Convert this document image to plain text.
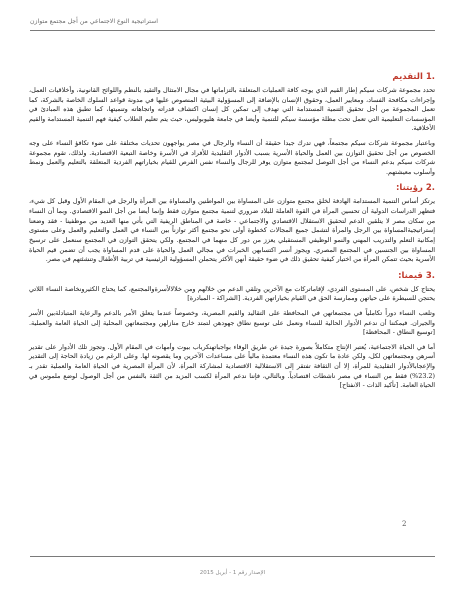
استراتيجية النوع الاجتماعي من أجل مجتمع متوازن
.1 التقديم

تحدد مجموعة شركات سيكم إطار القيم الذي يوجه كافة العمليات المتعلقة بالتزاماتها في مجال الامتثال والتقيد بالنظم واللوائح القانونية، وأخلاقيات العمل، وإجراءات مكافحة الفساد، ومعايير العمل، وحقوق الإنسان بالإضافة إلى المسؤولية البيئية المنصوص عليها في مدونة قواعد السلوك الخاصة بالشركة، كما تعمل المجموعة من أجل تحقيق التنمية المستدامة التي تهدف إلى تمكين كل إنسان اكتشاف قدراته واتجاهاته وتنميتها، كما تطبق هذه المبادئ في المؤسسات التعليمية التي تعمل تحت مظلة مؤسسة سيكم للتنمية وأيضا في جامعة هليوبوليس، حيث يتم تعليم الطلاب كيفية فهم التنمية المستدامة والقيم الأخلاقية.

وباعتبار مجموعة شركات سيكم مجتمعاً، فهي تدرك جيدا حقيقة أن النساء والرجال في مصر يواجهون تحديات مختلفة على ضوء تكافؤ النساء على وجه الخصوص من أجل تحقيق التوازن بين العمل والحياة الأسرية بسبب الأدوار التقليدية للأفراد في الأسرة وخاصة التبعية الاقتصادية. ولذلك، تقوم مجموعة شركات سيكم بدعم النساء من أجل التوصل لمجتمع متوازن يوفر للرجال والنساء نفس الفرص للقيام بخياراتهم الفردية المتعلقة بالتعليم والعمل ونمط وأسلوب معيشتهم.

.2 رؤيتنا:

يرتكز أساس التنمية المستدامة الهادفة لخلق مجتمع متوازن على المساواة بين المواطنين والمساواة بين المرأة والرجل في المقام الأول وقبل كل شيء، فتظهر الدراسات الدولية أن تحسين المرأة في القوة العاملة للبلاد ضروري لتنمية مجتمع متوازن فقط وإنما أيضا من أجل النمو الاقتصادي. وبما أن النساء من سكان مصر لا يتلقين الدعم لتحقيق الاستقلال الاقتصادي والاجتماعي - خاصة في المناطق الريفية التي بأتي منها العديد من موظفينا - فقد وضعنا إستراتيجيةالمساواة بين الرجل والمرأة لتشمل جميع المجالات كخطوة أولى نحو مجتمع أكثر توازناً بين النساء في العمل والتعليم والعمل وعلى مستوى إمكانية التعلم والتدريب المهني والنمو الوظيفي المستقبلي يعزز من دور كل منهما في المجتمع. ولكي يتحقق التوازن في المجتمع سنعمل على ترسيخ المساواة بين الجنسين في المجتمع المصري. ويجوز أنسر اكتسابهن الخبرات في مجالي العمل والحياة على قدم المساواة يجب أن تضمن قيم الحياة الأسرية بحيث تتمكن المرأة من اختيار كيفية تحقيق ذلك في ضوء حقيقة أنهن الأكثر يتحملن المسؤولية الرئيسية في تربية الأطفال وتنشئتهم في مصر.

.3 قيمنا:

يحتاج كل شخص، على المستوى الفردي، لإقاماتركات مع الآخرين وتلقي الدعم من خلالهم ومن خلالالأسرةوالمجتمع، كما يحتاج الكثيرونخاصة النساء اللاتي يحتجن للسيطرة على حياتهن وممارسة الحق في القيام بخياراتهن الفردية. [الشراكة - المبادرة]

وتلعب النساء دوراً تكاملياً في مجتمعاتهن في المحافظة على التقاليد والقيم المصرية، وخصوصاً عندما يتعلق الأمر بالدعم والرعاية المتبادلةبين الأسر والجيران. فيمكننا أن ندعم الأدوار الحالية للنساء ونعمل على توسيع نطاق جهودهن لتمتد خارج منازلهن ومجتمعاتهن المحلية إلى الحياة العامة والعملية. [توسيع النطاق - المحافظة]

أما في الحياة الاجتماعية، يُعتبر الإنتاج متكاملاً بصورة جيدة عن طريق الوفاء بواجباتهنكرباب بيوت وأمهات في المقام الأول. وتجوز تلك الأدوار على تقدير أسرهن ومجتمعاتهن لكل، ولكن عادة ما تكون هذه النساء معتمدة مالياً على مساعدات الآخرين وما يقصونه لها. وعلى الرغم من زيادة الحاجة إلى التقدير والإعجابالأدوار التقليدية للمرأة، إلا أن الثقافة تفتقر إلى الاستقلالية الاقتصادية لمشاركة المرأة. لأن المرأة المصرية في الحياة العامة والعملية تقدر بـ (23.2%) فقط من النساء في مصر ناشطات اقتصادياً. وبالتالي، فإننا ندعم المرأة لكسب المزيد من الثقة بالنفس من أجل الوصول لوضع ملموس في الحياة العامة. [تأكيد الذات - الانفتاح]

2
الإصدار رقم 1 - أبريل 2015
